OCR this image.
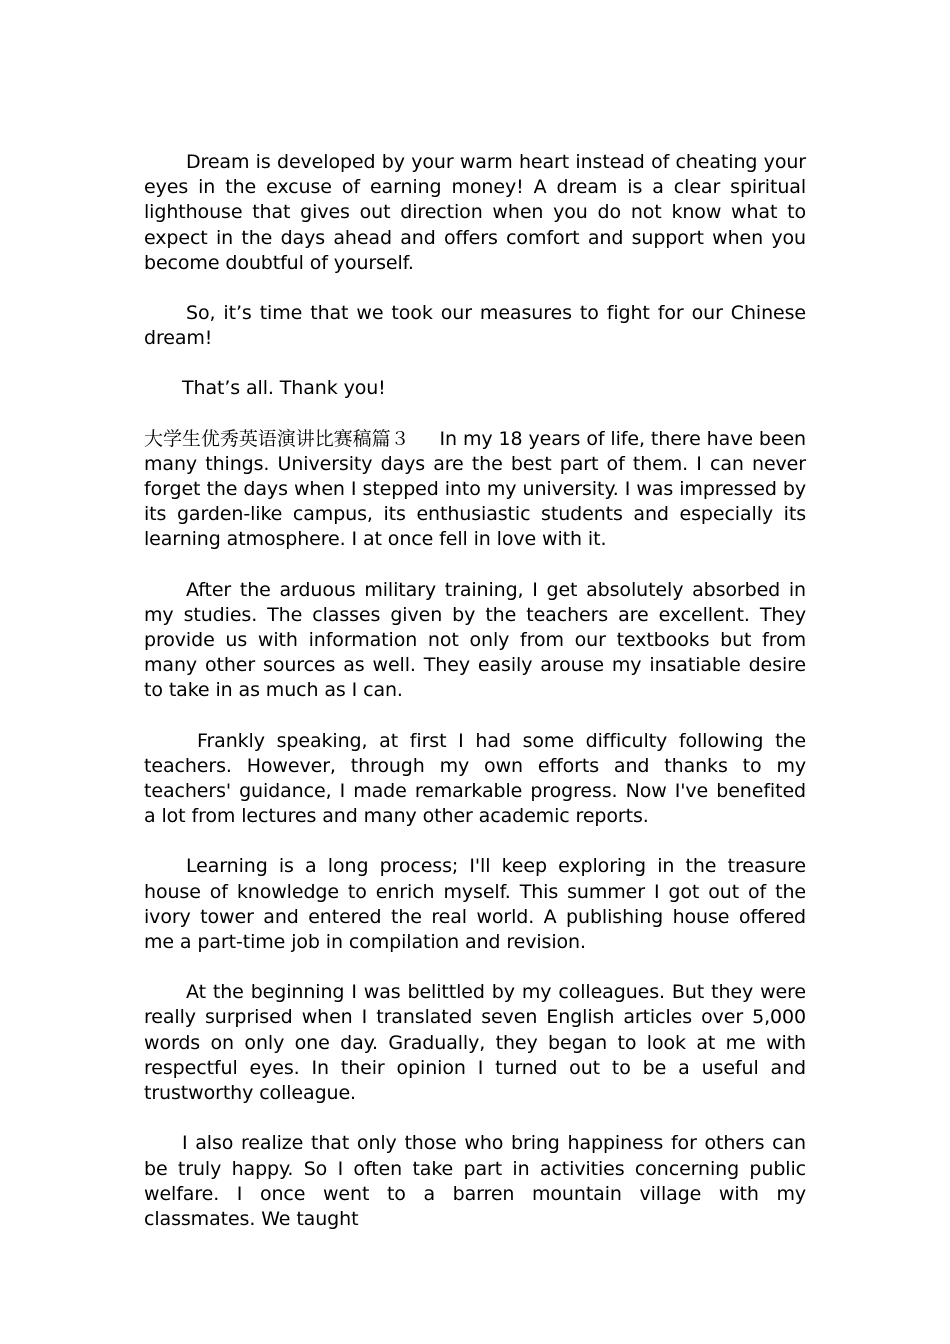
Dream is developed by your warm heart instead of cheating your eyes in the excuse of earning money! A dream is a clear spiritual lighthouse that gives out direction when you do not know what to expect in the days ahead and offers comfort and support when you become doubtful of yourself.

So, it’s time that we took our measures to fight for our Chinese dream!

That’s all. Thank you!

大学生优秀英语演讲比赛稿篇３ In my 18 years of life, there have been many things. University days are the best part of them. I can never forget the days when I stepped into my university. I was impressed by its garden-like campus, its enthusiastic students and especially its learning atmosphere. I at once fell in love with it.

After the arduous military training, I get absolutely absorbed in my studies. The classes given by the teachers are excellent. They provide us with information not only from our textbooks but from many other sources as well. They easily arouse my insatiable desire to take in as much as I can.

Frankly speaking, at first I had some difficulty following the teachers. However, through my own efforts and thanks to my teachers' guidance, I made remarkable progress. Now I've benefited a lot from lectures and many other academic reports.

Learning is a long process; I'll keep exploring in the treasure house of knowledge to enrich myself. This summer I got out of the ivory tower and entered the real world. A publishing house offered me a part-time job in compilation and revision.

At the beginning I was belittled by my colleagues. But they were really surprised when I translated seven English articles over 5,000 words on only one day. Gradually, they began to look at me with respectful eyes. In their opinion I turned out to be a useful and trustworthy colleague.

I also realize that only those who bring happiness for others can be truly happy. So I often take part in activities concerning public welfare. I once went to a barren mountain village with my classmates. We taught
